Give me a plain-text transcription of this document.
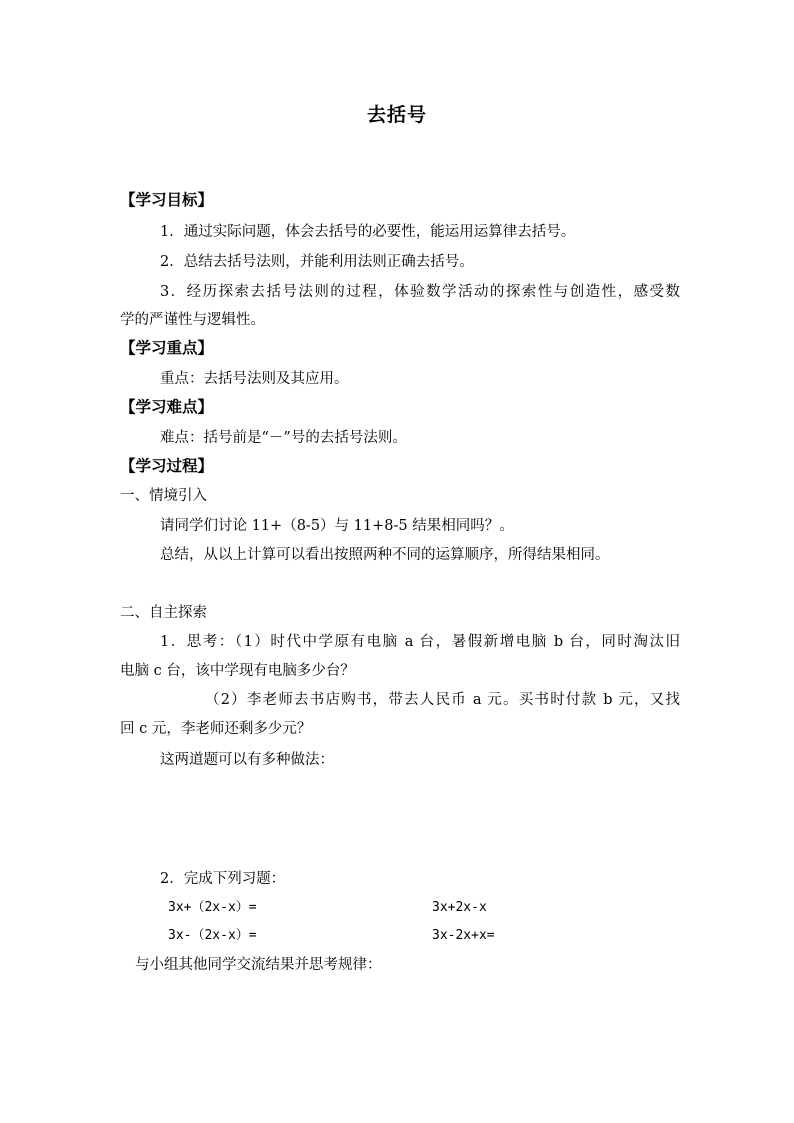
去括号
【学习目标】
1．通过实际问题，体会去括号的必要性，能运用运算律去括号。
2．总结去括号法则，并能利用法则正确去括号。
3．经历探索去括号法则的过程，体验数学活动的探索性与创造性，感受数
学的严谨性与逻辑性。
【学习重点】
重点：去括号法则及其应用。
【学习难点】
难点：括号前是“－”号的去括号法则。
【学习过程】
一、情境引入
请同学们讨论 11+（8-5）与 11+8-5 结果相同吗？。
总结，从以上计算可以看出按照两种不同的运算顺序，所得结果相同。
二、自主探索
1．思考：（1）时代中学原有电脑 a 台，暑假新增电脑 b 台，同时淘汰旧
电脑 c 台，该中学现有电脑多少台？
（2）李老师去书店购书，带去人民币 a 元。买书时付款 b 元，又找
回 c 元，李老师还剩多少元？
这两道题可以有多种做法：
2．完成下列习题：
3x+（2x-x）=	3x+2x-x
3x-（2x-x）=	3x-2x+x=
与小组其他同学交流结果并思考规律：
